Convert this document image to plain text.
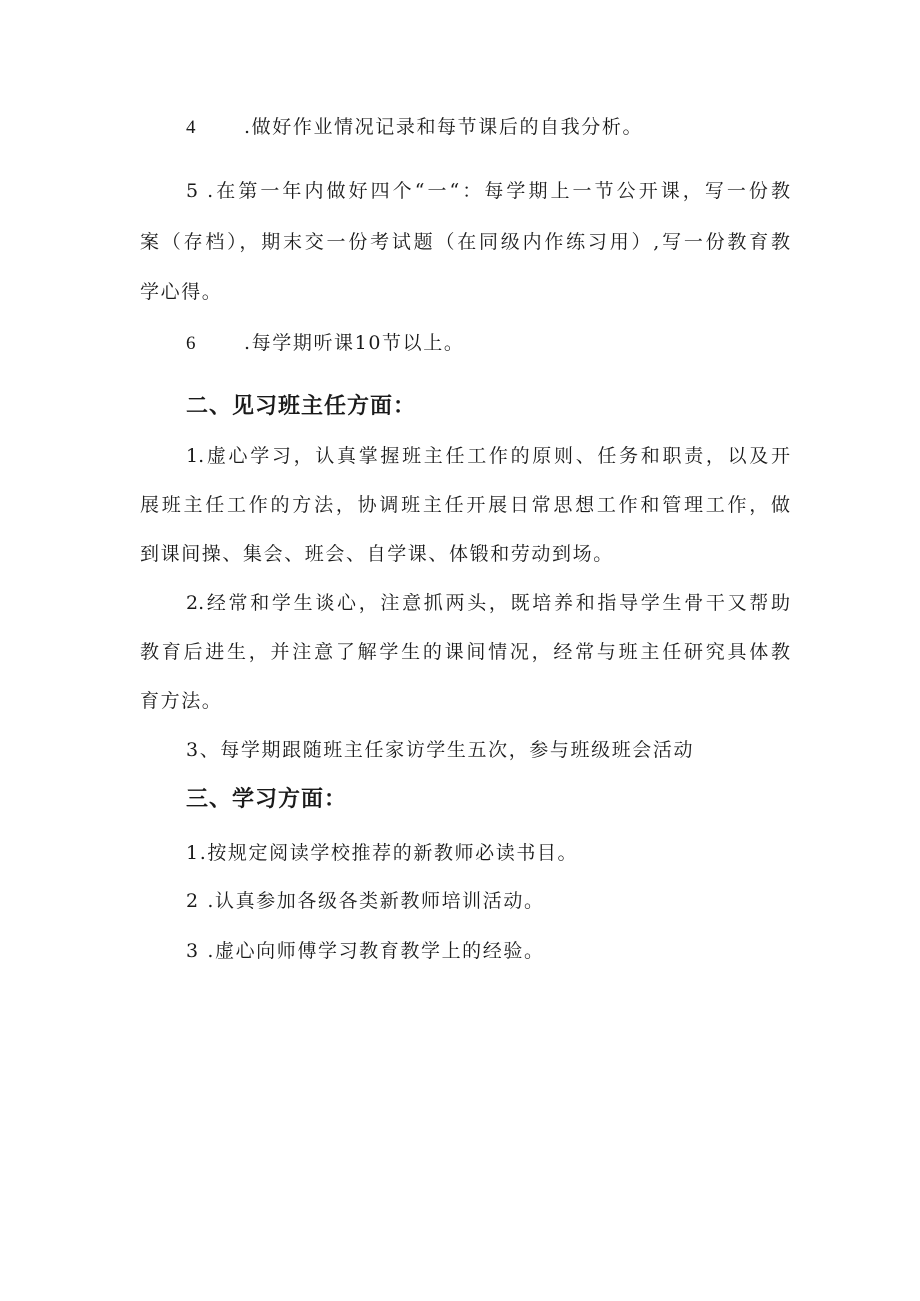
4 .做好作业情况记录和每节课后的自我分析。
5 .在第一年内做好四个“一“：每学期上一节公开课，写一份教
案（存档），期末交一份考试题（在同级内作练习用）,写一份教育教
学心得。
6 .每学期听课10节以上。
二、见习班主任方面：
1.虚心学习，认真掌握班主任工作的原则、任务和职责，以及开
展班主任工作的方法，协调班主任开展日常思想工作和管理工作，做
到课间操、集会、班会、自学课、体锻和劳动到场。
2.经常和学生谈心，注意抓两头，既培养和指导学生骨干又帮助
教育后进生，并注意了解学生的课间情况，经常与班主任研究具体教
育方法。
3、每学期跟随班主任家访学生五次，参与班级班会活动
三、学习方面：
1.按规定阅读学校推荐的新教师必读书目。
2 .认真参加各级各类新教师培训活动。
3 .虚心向师傅学习教育教学上的经验。
